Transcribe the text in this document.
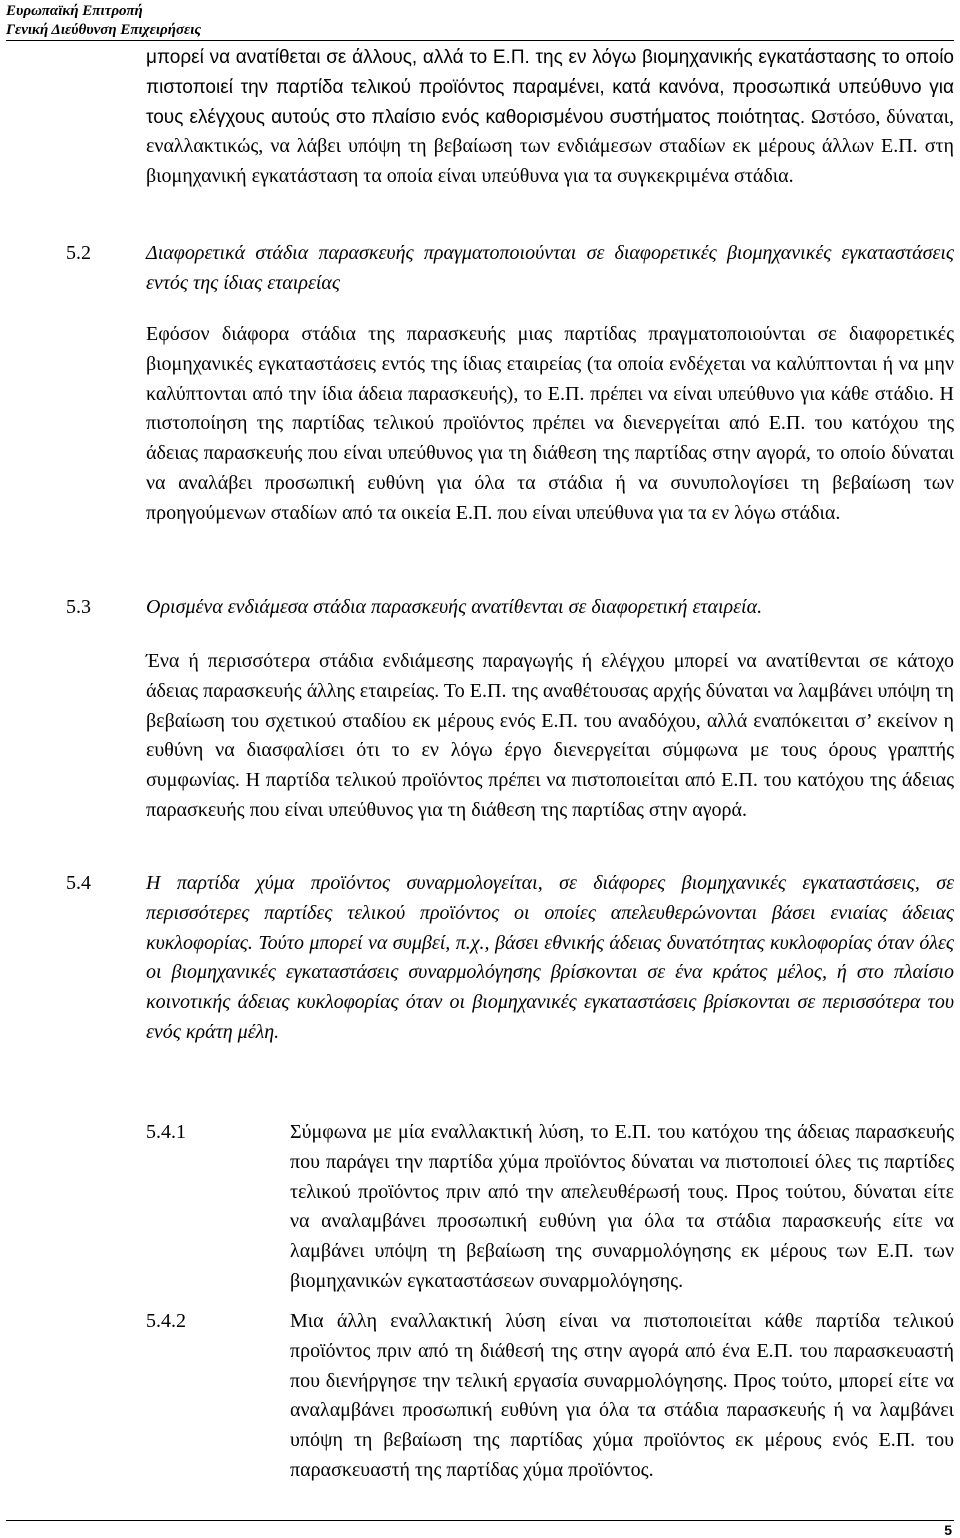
Ευρωπαϊκή Επιτροπή
Γενική Διεύθυνση Επιχειρήσεις

μπορεί να ανατίθεται σε άλλους, αλλά το Ε.Π. της εν λόγω βιομηχανικής εγκατάστασης το οποίο πιστοποιεί την παρτίδα τελικού προϊόντος παραμένει, κατά κανόνα, προσωπικά υπεύθυνο για τους ελέγχους αυτούς στο πλαίσιο ενός καθορισμένου συστήματος ποιότητας. Ωστόσο, δύναται, εναλλακτικώς, να λάβει υπόψη τη βεβαίωση των ενδιάμεσων σταδίων εκ μέρους άλλων Ε.Π. στη βιομηχανική εγκατάσταση τα οποία είναι υπεύθυνα για τα συγκεκριμένα στάδια.

5.2	Διαφορετικά στάδια παρασκευής πραγματοποιούνται σε διαφορετικές βιομηχανικές εγκαταστάσεις εντός της ίδιας εταιρείας

Εφόσον διάφορα στάδια της παρασκευής μιας παρτίδας πραγματοποιούνται σε διαφορετικές βιομηχανικές εγκαταστάσεις εντός της ίδιας εταιρείας (τα οποία ενδέχεται να καλύπτονται ή να μην καλύπτονται από την ίδια άδεια παρασκευής), το Ε.Π. πρέπει να είναι υπεύθυνο για κάθε στάδιο. Η πιστοποίηση της παρτίδας τελικού προϊόντος πρέπει να διενεργείται από Ε.Π. του κατόχου της άδειας παρασκευής που είναι υπεύθυνος για τη διάθεση της παρτίδας στην αγορά, το οποίο δύναται να αναλάβει προσωπική ευθύνη για όλα τα στάδια ή να συνυπολογίσει τη βεβαίωση των προηγούμενων σταδίων από τα οικεία Ε.Π. που είναι υπεύθυνα για τα εν λόγω στάδια.

5.3	Ορισμένα ενδιάμεσα στάδια παρασκευής ανατίθενται σε διαφορετική εταιρεία.

Ένα ή περισσότερα στάδια ενδιάμεσης παραγωγής ή ελέγχου μπορεί να ανατίθενται σε κάτοχο άδειας παρασκευής άλλης εταιρείας. Το Ε.Π. της αναθέτουσας αρχής δύναται να λαμβάνει υπόψη τη βεβαίωση του σχετικού σταδίου εκ μέρους ενός Ε.Π. του αναδόχου, αλλά εναπόκειται σ’ εκείνον η ευθύνη να διασφαλίσει ότι το εν λόγω έργο διενεργείται σύμφωνα με τους όρους γραπτής συμφωνίας. Η παρτίδα τελικού προϊόντος πρέπει να πιστοποιείται από Ε.Π. του κατόχου της άδειας παρασκευής που είναι υπεύθυνος για τη διάθεση της παρτίδας στην αγορά.

5.4	Η παρτίδα χύμα προϊόντος συναρμολογείται, σε διάφορες βιομηχανικές εγκαταστάσεις, σε περισσότερες παρτίδες τελικού προϊόντος οι οποίες απελευθερώνονται βάσει ενιαίας άδειας κυκλοφορίας. Τούτο μπορεί να συμβεί, π.χ., βάσει εθνικής άδειας δυνατότητας κυκλοφορίας όταν όλες οι βιομηχανικές εγκαταστάσεις συναρμολόγησης βρίσκονται σε ένα κράτος μέλος, ή στο πλαίσιο κοινοτικής άδειας κυκλοφορίας όταν οι βιομηχανικές εγκαταστάσεις βρίσκονται σε περισσότερα του ενός κράτη μέλη.

5.4.1	Σύμφωνα με μία εναλλακτική λύση, το Ε.Π. του κατόχου της άδειας παρασκευής που παράγει την παρτίδα χύμα προϊόντος δύναται να πιστοποιεί όλες τις παρτίδες τελικού προϊόντος πριν από την απελευθέρωσή τους. Προς τούτου, δύναται είτε να αναλαμβάνει προσωπική ευθύνη για όλα τα στάδια παρασκευής είτε να λαμβάνει υπόψη τη βεβαίωση της συναρμολόγησης εκ μέρους των Ε.Π. των βιομηχανικών εγκαταστάσεων συναρμολόγησης.

5.4.2	Μια άλλη εναλλακτική λύση είναι να πιστοποιείται κάθε παρτίδα τελικού προϊόντος πριν από τη διάθεσή της στην αγορά από ένα Ε.Π. του παρασκευαστή που διενήργησε την τελική εργασία συναρμολόγησης. Προς τούτο, μπορεί είτε να αναλαμβάνει προσωπική ευθύνη για όλα τα στάδια παρασκευής ή να λαμβάνει υπόψη τη βεβαίωση της παρτίδας χύμα προϊόντος εκ μέρους ενός Ε.Π. του παρασκευαστή της παρτίδας χύμα προϊόντος.

5
